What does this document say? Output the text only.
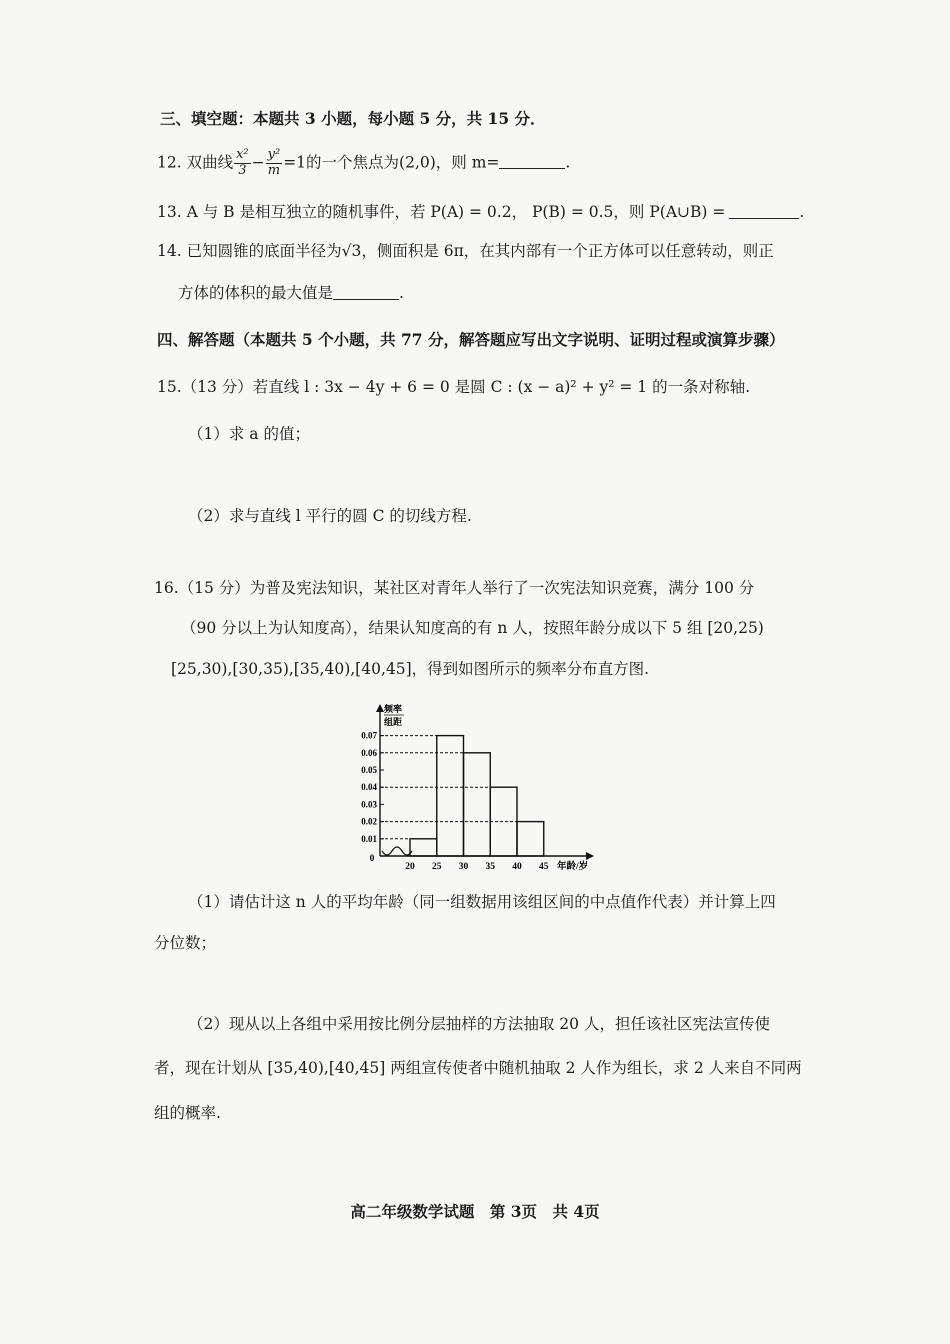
三、填空题：本题共 3 小题，每小题 5 分，共 15 分．
12. 双曲线 $\frac{\text{x²}}{3} - \frac{\text{y²}}{m} =1$的一个焦点为(2,0)，则 m=	.
13. A 与 B 是相互独立的随机事件，若 P(A) = 0.2， P(B) = 0.5，则 P(A∪B) =	.
14. 已知圆锥的底面半径为√3，侧面积是 6π，在其内部有一个正方体可以任意转动，则正
方体的体积的最大值是	.
四、解答题（本题共 5 个小题，共 77 分，解答题应写出文字说明、证明过程或演算步骤）
15.（13 分）若直线 l : 3x − 4y + 6 = 0 是圆 C : (x − a)² + y² = 1 的一条对称轴.
（1）求 a 的值；
（2）求与直线 l 平行的圆 C 的切线方程.
16.（15 分）为普及宪法知识，某社区对青年人举行了一次宪法知识竞赛，满分 100 分
（90 分以上为认知度高），结果认知度高的有 n 人，按照年龄分成以下 5 组 [20,25)
[25,30),[30,35),[35,40),[40,45]，得到如图所示的频率分布直方图.
0.01
0.02
0.03
0.04
0.05
0.06
0.07
20 25 30 35 40 45
0
年龄/岁
频率
组距
（1）请估计这 n 人的平均年龄（同一组数据用该组区间的中点值作代表）并计算上四
分位数；
（2）现从以上各组中采用按比例分层抽样的方法抽取 20 人，担任该社区宪法宣传使
者，现在计划从 [35,40),[40,45] 两组宣传使者中随机抽取 2 人作为组长，求 2 人来自不同两
组的概率.
高二年级数学试题　第 3页　共 4页
